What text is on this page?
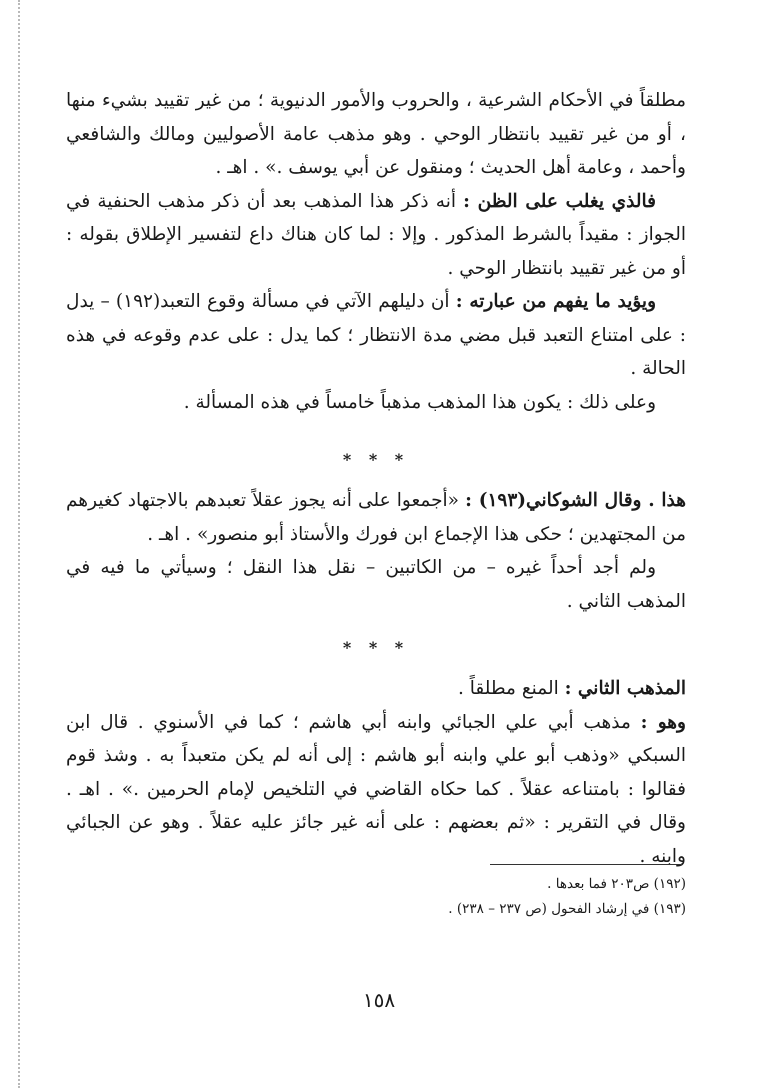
مطلقاً في الأحكام الشرعية ، والحروب والأمور الدنيوية ؛ من غير تقييد بشيء منها ، أو من غير تقييد بانتظار الوحي . وهو مذهب عامة الأصوليين ومالك والشافعي وأحمد ، وعامة أهل الحديث ؛ ومنقول عن أبي يوسف .» . اهـ .

فالذي يغلب على الظن : أنه ذكر هذا المذهب بعد أن ذكر مذهب الحنفية في الجواز : مقيداً بالشرط المذكور . وإلا : لما كان هناك داع لتفسير الإطلاق بقوله : أو من غير تقييد بانتظار الوحي .

ويؤيد ما يفهم من عبارته : أن دليلهم الآتي في مسألة وقوع التعبد(١٩٢) – يدل : على امتناع التعبد قبل مضي مدة الانتظار ؛ كما يدل : على عدم وقوعه في هذه الحالة .

وعلى ذلك : يكون هذا المذهب مذهباً خامساً في هذه المسألة .

* * *

هذا . وقال الشوكاني(١٩٣) : «أجمعوا على أنه يجوز عقلاً تعبدهم بالاجتهاد كغيرهم من المجتهدين ؛ حكى هذا الإجماع ابن فورك والأستاذ أبو منصور» . اهـ .

ولم أجد أحداً غيره – من الكاتبين – نقل هذا النقل ؛ وسيأتي ما فيه في المذهب الثاني .

* * *

المذهب الثاني : المنع مطلقاً .

وهو : مذهب أبي علي الجبائي وابنه أبي هاشم ؛ كما في الأسنوي . قال ابن السبكي «وذهب أبو علي وابنه أبو هاشم : إلى أنه لم يكن متعبداً به . وشذ قوم فقالوا : بامتناعه عقلاً . كما حكاه القاضي في التلخيص لإمام الحرمين .» . اهـ . وقال في التقرير : «ثم بعضهم : على أنه غير جائز عليه عقلاً . وهو عن الجبائي وابنه .

(١٩٢) ص٢٠٣ فما بعدها .

(١٩٣) في إرشاد الفحول (ص ٢٣٧ – ٢٣٨) .

١٥٨
